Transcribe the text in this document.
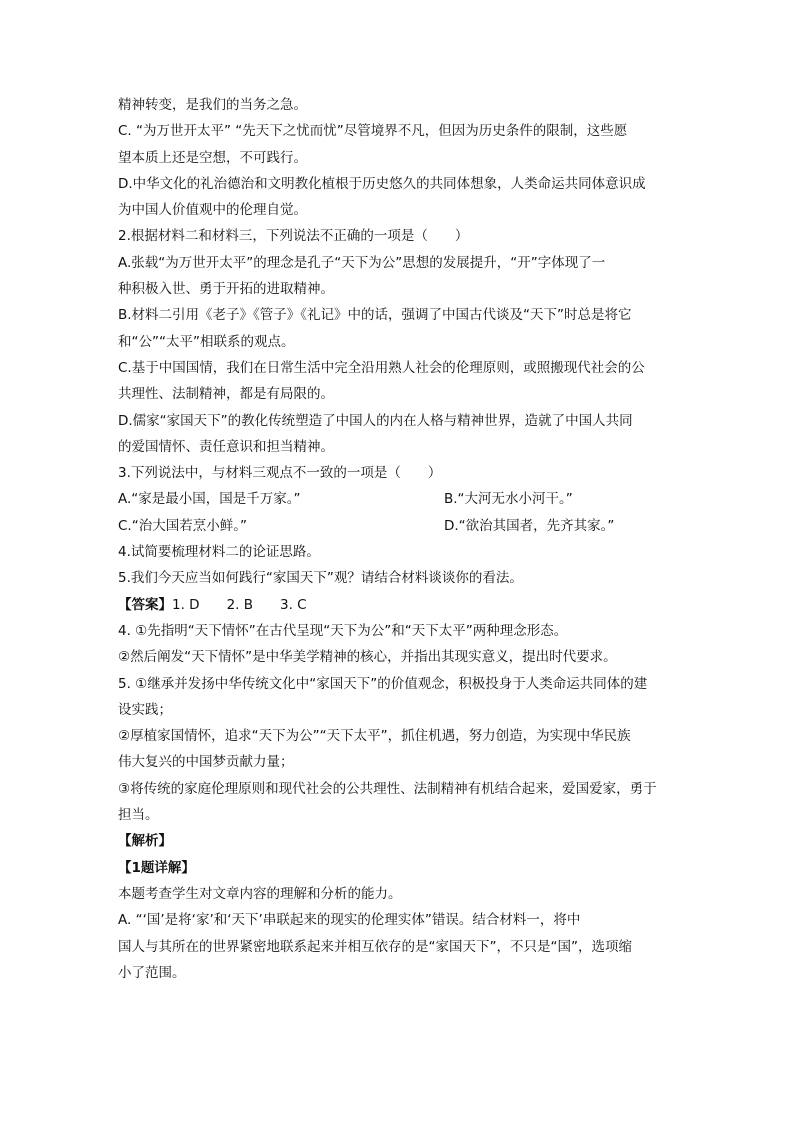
精神转变，是我们的当务之急。
C. “为万世开太平” “先天下之忧而忧”尽管境界不凡，但因为历史条件的限制，这些愿
望本质上还是空想，不可践行。
D.中华文化的礼治德治和文明教化植根于历史悠久的共同体想象，人类命运共同体意识成
为中国人价值观中的伦理自觉。
2.根据材料二和材料三，下列说法不正确的一项是（　　）
A.张载“为万世开太平”的理念是孔子“天下为公”思想的发展提升，“开”字体现了一
种积极入世、勇于开拓的进取精神。
B.材料二引用《老子》《管子》《礼记》中的话，强调了中国古代谈及“天下”时总是将它
和“公”“太平”相联系的观点。
C.基于中国国情，我们在日常生活中完全沿用熟人社会的伦理原则，或照搬现代社会的公
共理性、法制精神，都是有局限的。
D.儒家“家国天下”的教化传统塑造了中国人的内在人格与精神世界，造就了中国人共同
的爱国情怀、责任意识和担当精神。
3.下列说法中，与材料三观点不一致的一项是（　　）
A.“家是最小国，国是千万家。”	B.“大河无水小河干。”
C.“治大国若烹小鲜。”	D.“欲治其国者，先齐其家。”
4.试简要梳理材料二的论证思路。
5.我们今天应当如何践行“家国天下”观？请结合材料谈谈你的看法。
【答案】1. D　　2. B　　3. C
4. ①先指明“天下情怀”在古代呈现“天下为公”和“天下太平”两种理念形态。
②然后阐发“天下情怀”是中华美学精神的核心，并指出其现实意义，提出时代要求。
5. ①继承并发扬中华传统文化中“家国天下”的价值观念，积极投身于人类命运共同体的建
设实践；
②厚植家国情怀，追求“天下为公”“天下太平”，抓住机遇，努力创造，为实现中华民族
伟大复兴的中国梦贡献力量；
③将传统的家庭伦理原则和现代社会的公共理性、法制精神有机结合起来，爱国爱家，勇于
担当。
【解析】
【1题详解】
本题考查学生对文章内容的理解和分析的能力。
A. “‘国’是将‘家’和‘天下’串联起来的现实的伦理实体”错误。结合材料一，将中
国人与其所在的世界紧密地联系起来并相互依存的是“家国天下”，不只是“国”，选项缩
小了范围。
